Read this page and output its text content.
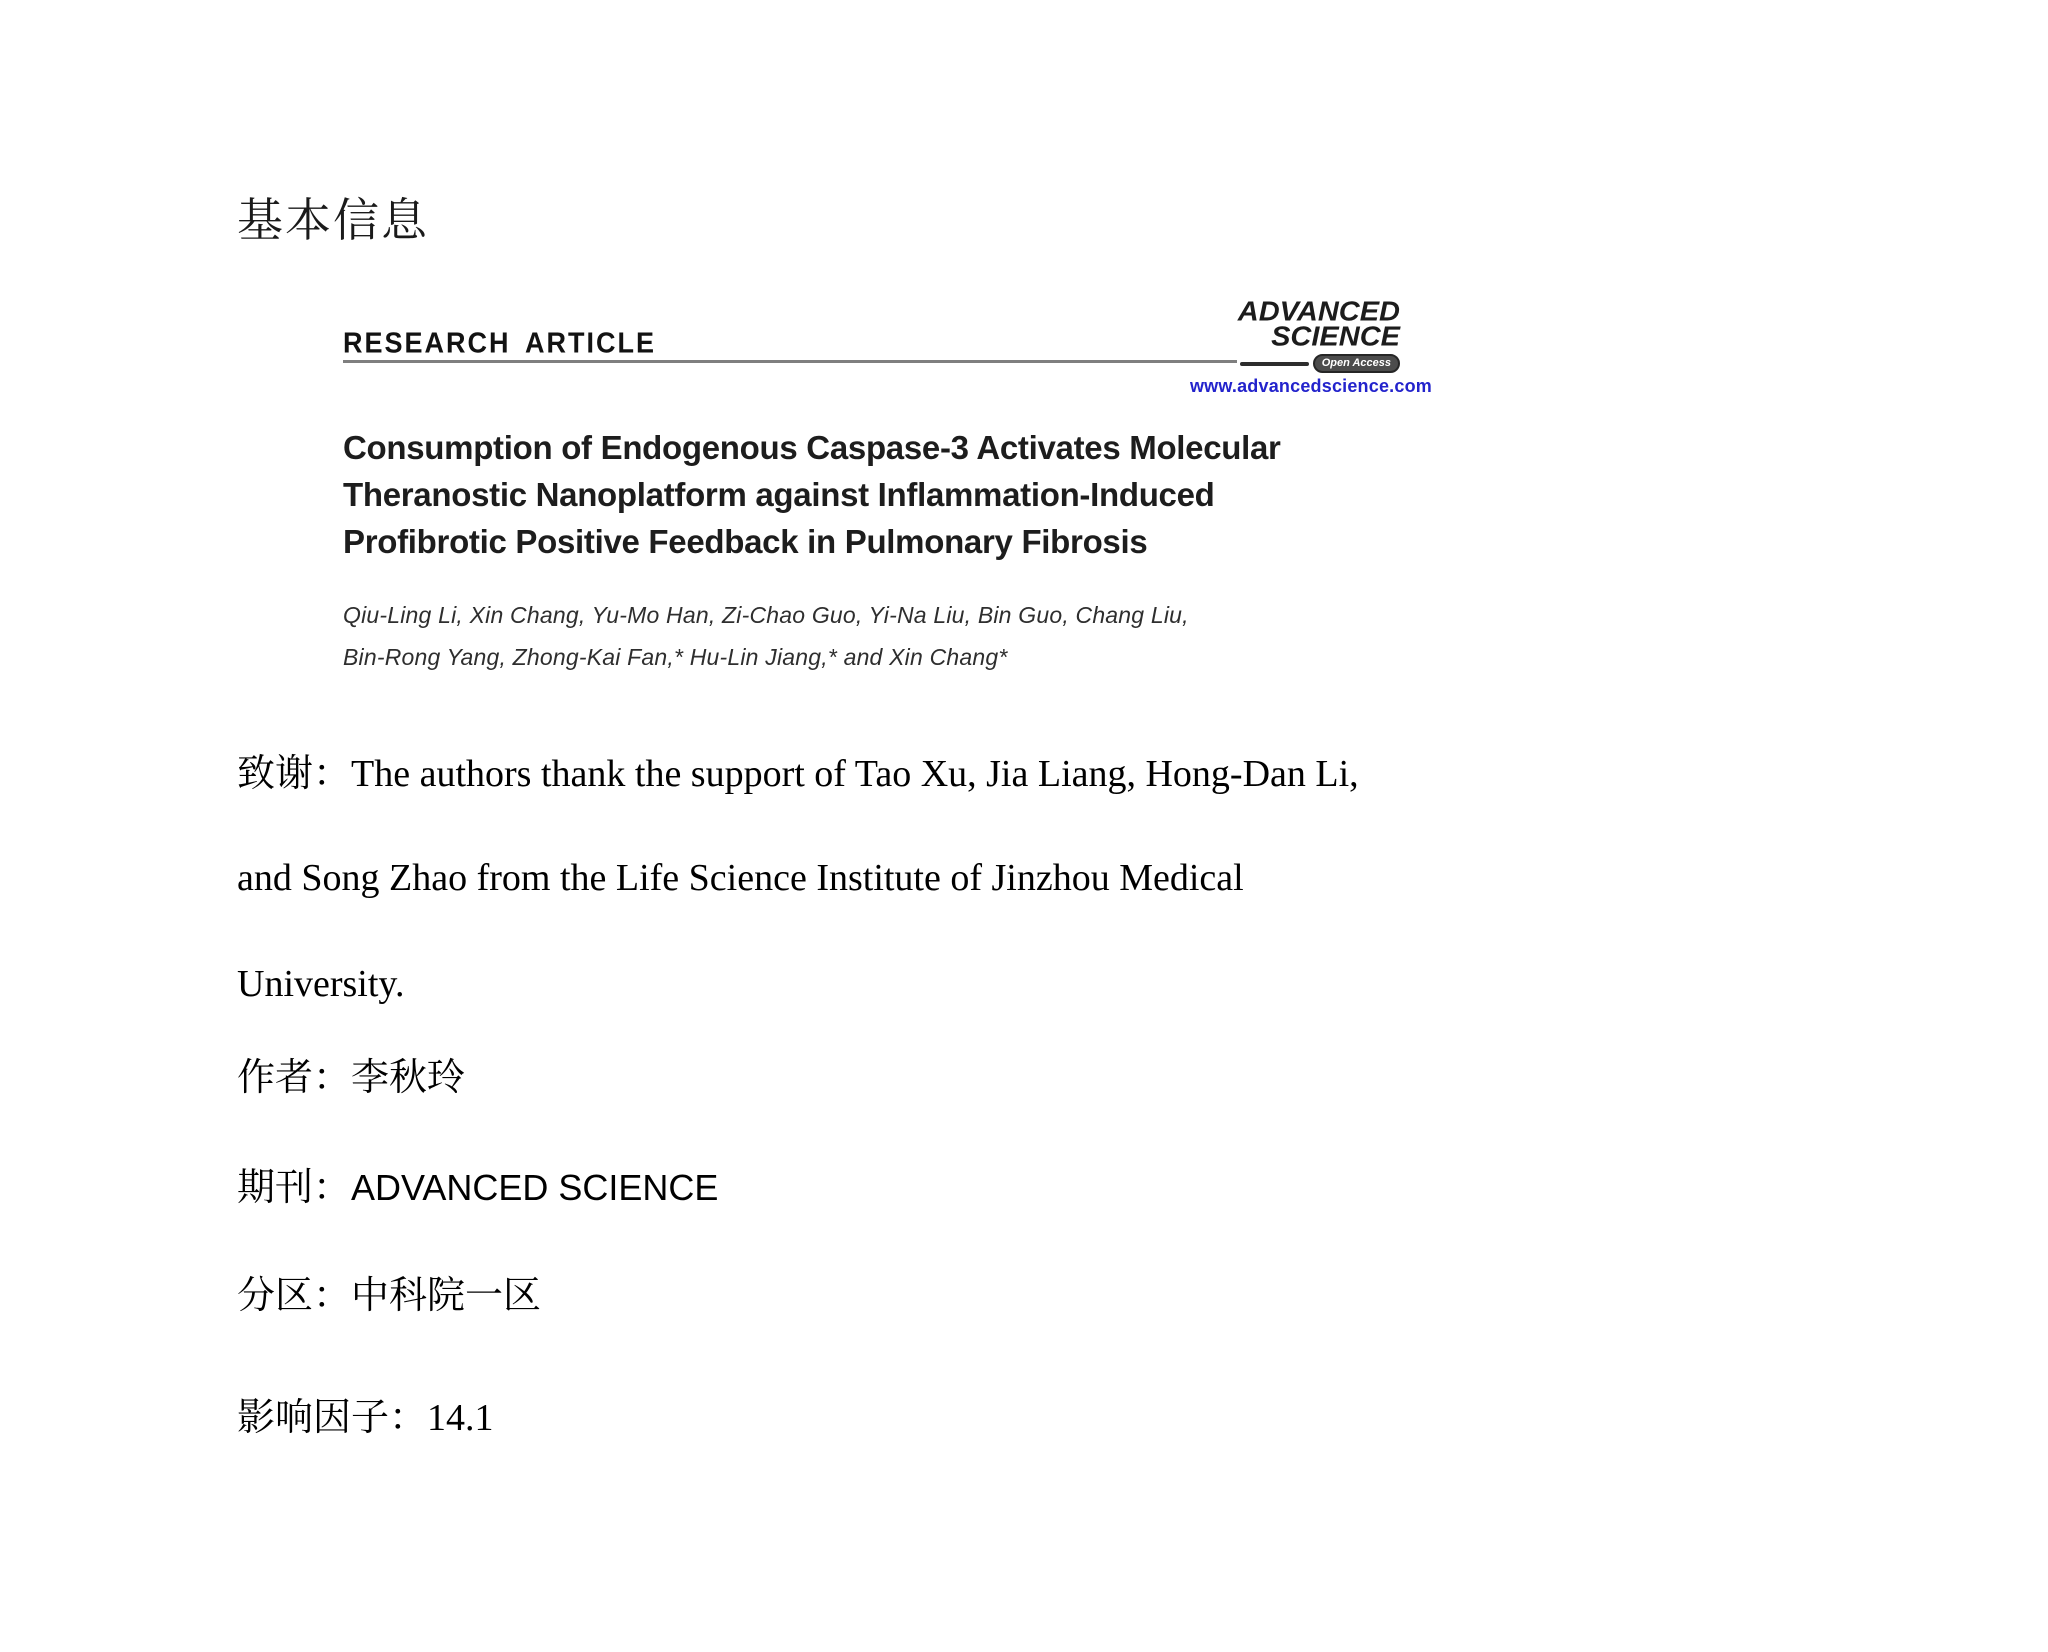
基本信息
RESEARCH ARTICLE
ADVANCED
SCIENCE
Open Access
www.advancedscience.com
Consumption of Endogenous Caspase-3 Activates Molecular
Theranostic Nanoplatform against Inflammation-Induced
Profibrotic Positive Feedback in Pulmonary Fibrosis
Qiu-Ling Li, Xin Chang, Yu-Mo Han, Zi-Chao Guo, Yi-Na Liu, Bin Guo, Chang Liu,
Bin-Rong Yang, Zhong-Kai Fan,* Hu-Lin Jiang,* and Xin Chang*
致谢：The authors thank the support of Tao Xu, Jia Liang, Hong-Dan Li,
and Song Zhao from the Life Science Institute of Jinzhou Medical
University.
作者：李秋玲
期刊：ADVANCED SCIENCE
分区：中科院一区
影响因子：14.1
